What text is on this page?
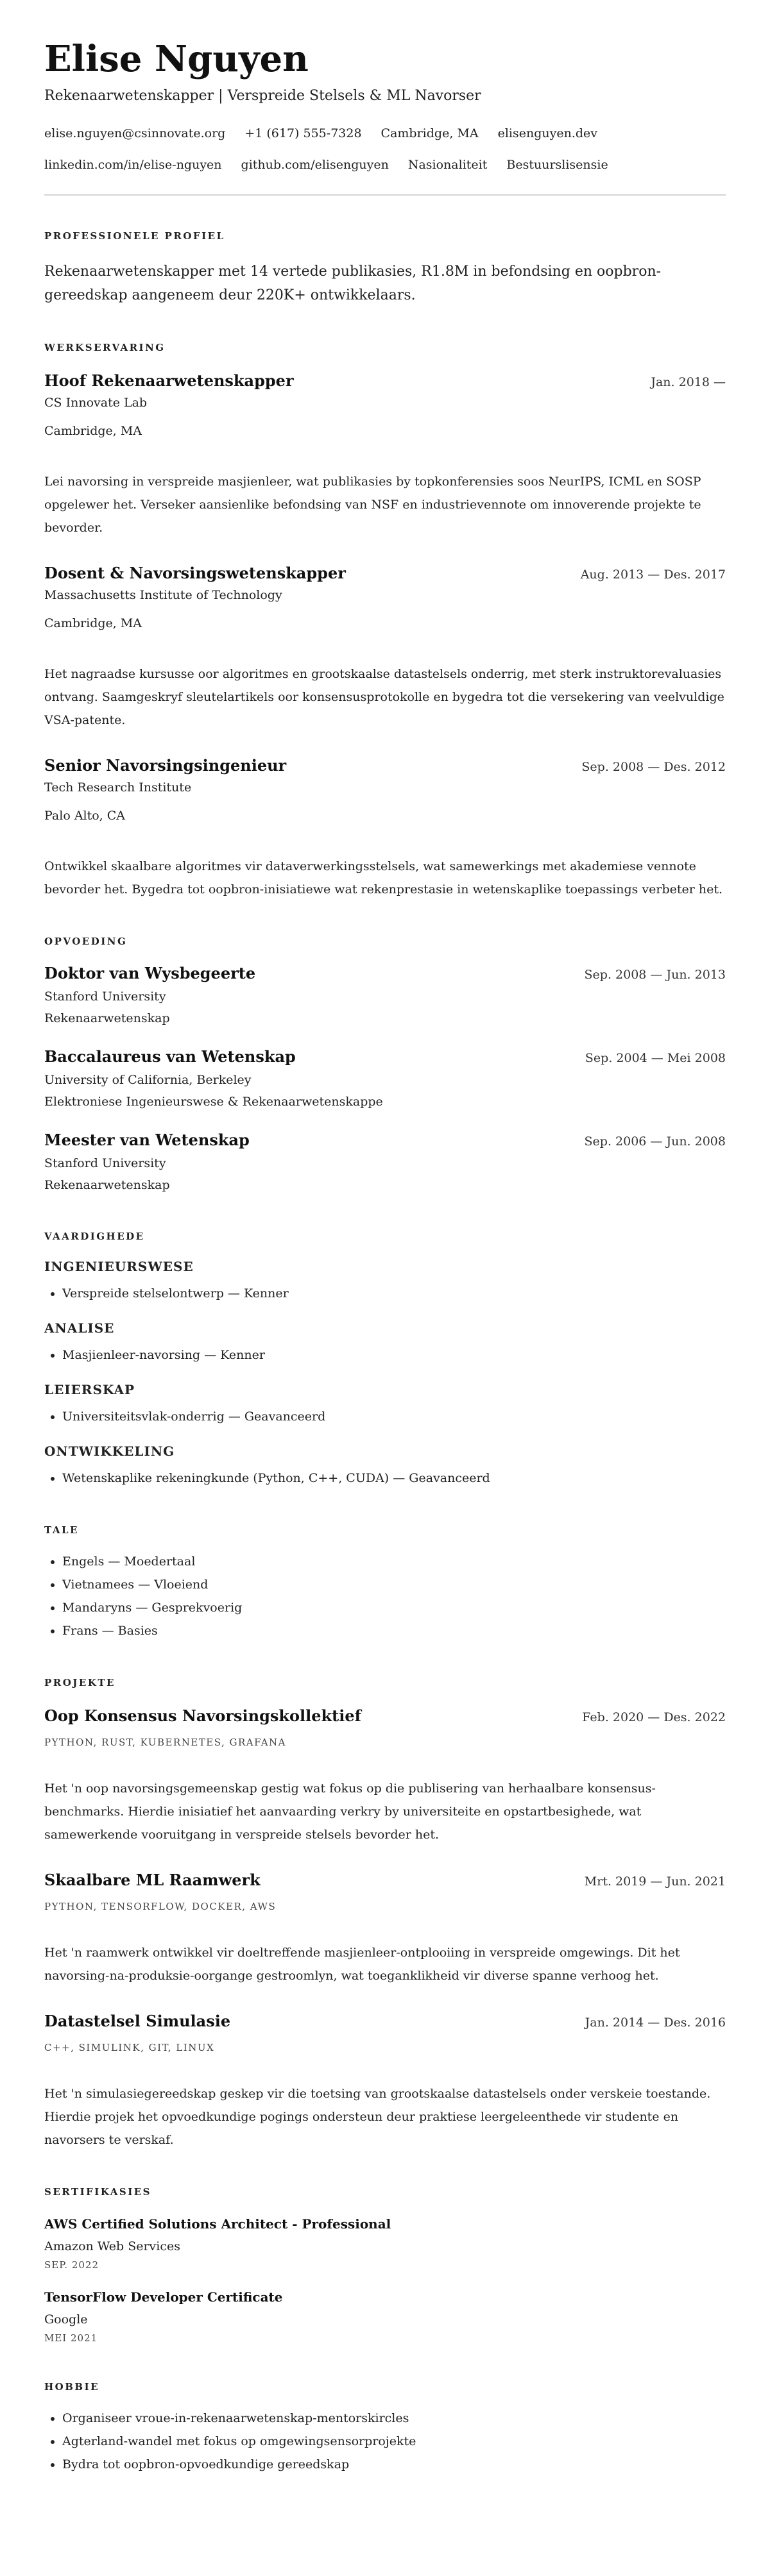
Elise Nguyen
Rekenaarwetenskapper | Verspreide Stelsels & ML Navorser
elise.nguyen@csinnovate.org +1 (617) 555-7328 Cambridge, MA elisenguyen.dev
linkedin.com/in/elise-nguyen github.com/elisenguyen Nasionaliteit Bestuurslisensie
PROFESSIONELE PROFIEL

Rekenaarwetenskapper met 14 vertede publikasies, R1.8M in befondsing en oopbron-gereedskap aangeneem deur 220K+ ontwikkelaars.

WERKSERVARING
Hoof Rekenaarwetenskapper	Jan. 2018 —
CS Innovate Lab
Cambridge, MA
Lei navorsing in verspreide masjienleer, wat publikasies by topkonferensies soos NeurIPS, ICML en SOSP opgelewer het. Verseker aansienlike befondsing van NSF en industrievennote om innoverende projekte te bevorder.
Dosent & Navorsingswetenskapper	Aug. 2013 — Des. 2017
Massachusetts Institute of Technology
Cambridge, MA
Het nagraadse kursusse oor algoritmes en grootskaalse datastelsels onderrig, met sterk instruktorevaluasies ontvang. Saamgeskryf sleutelartikels oor konsensusprotokolle en bygedra tot die versekering van veelvuldige VSA-patente.
Senior Navorsingsingenieur	Sep. 2008 — Des. 2012
Tech Research Institute
Palo Alto, CA
Ontwikkel skaalbare algoritmes vir dataverwerkingsstelsels, wat samewerkings met akademiese vennote bevorder het. Bygedra tot oopbron-inisiatiewe wat rekenprestasie in wetenskaplike toepassings verbeter het.
OPVOEDING
Doktor van Wysbegeerte	Sep. 2008 — Jun. 2013
Stanford University
Rekenaarwetenskap
Baccalaureus van Wetenskap	Sep. 2004 — Mei 2008
University of California, Berkeley
Elektroniese Ingenieurswese & Rekenaarwetenskappe
Meester van Wetenskap	Sep. 2006 — Jun. 2008
Stanford University
Rekenaarwetenskap
VAARDIGHEDE
INGENIEURSWESE
• Verspreide stelselontwerp — Kenner
ANALISE
• Masjienleer-navorsing — Kenner
LEIERSKAP
• Universiteitsvlak-onderrig — Geavanceerd
ONTWIKKELING
• Wetenskaplike rekeningkunde (Python, C++, CUDA) — Geavanceerd
TALE
• Engels — Moedertaal
• Vietnamees — Vloeiend
• Mandaryns — Gesprekvoerig
• Frans — Basies
PROJEKTE
Oop Konsensus Navorsingskollektief	Feb. 2020 — Des. 2022
PYTHON, RUST, KUBERNETES, GRAFANA
Het 'n oop navorsingsgemeenskap gestig wat fokus op die publisering van herhaalbare konsensus-benchmarks. Hierdie inisiatief het aanvaarding verkry by universiteite en opstartbesighede, wat samewerkende vooruitgang in verspreide stelsels bevorder het.
Skaalbare ML Raamwerk	Mrt. 2019 — Jun. 2021
PYTHON, TENSORFLOW, DOCKER, AWS
Het 'n raamwerk ontwikkel vir doeltreffende masjienleer-ontplooiing in verspreide omgewings. Dit het navorsing-na-produksie-oorgange gestroomlyn, wat toeganklikheid vir diverse spanne verhoog het.
Datastelsel Simulasie	Jan. 2014 — Des. 2016
C++, SIMULINK, GIT, LINUX
Het 'n simulasiegereedskap geskep vir die toetsing van grootskaalse datastelsels onder verskeie toestande. Hierdie projek het opvoedkundige pogings ondersteun deur praktiese leergeleenthede vir studente en navorsers te verskaf.
SERTIFIKASIES
AWS Certified Solutions Architect - Professional
Amazon Web Services
SEP. 2022
TensorFlow Developer Certificate
Google
MEI 2021
HOBBIE
• Organiseer vroue-in-rekenaarwetenskap-mentorskircles
• Agterland-wandel met fokus op omgewingsensorprojekte
• Bydra tot oopbron-opvoedkundige gereedskap
